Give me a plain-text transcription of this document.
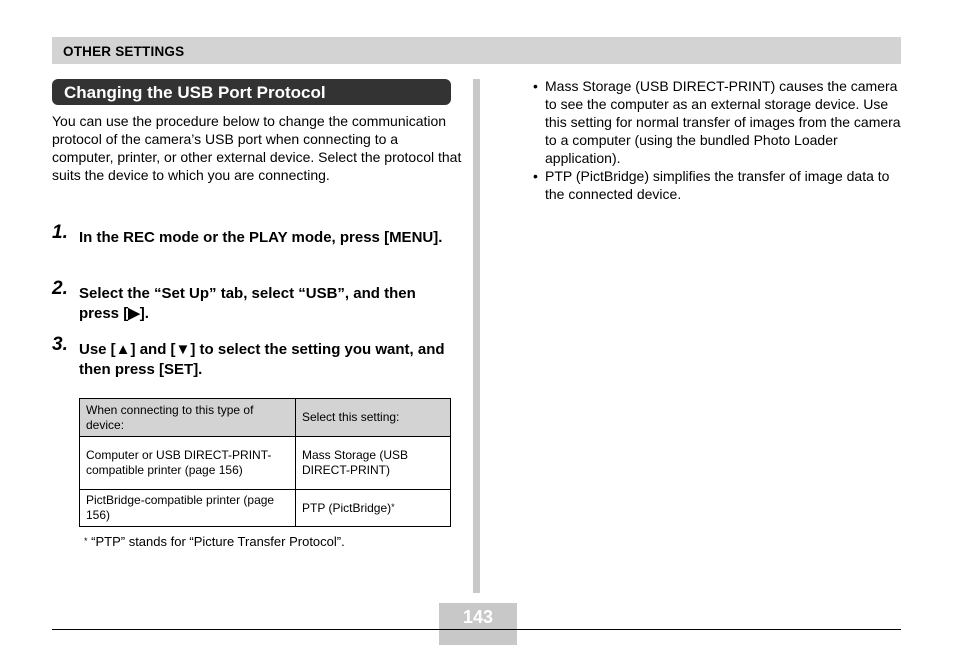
OTHER SETTINGS
Changing the USB Port Protocol
You can use the procedure below to change the communication protocol of the camera’s USB port when connecting to a computer, printer, or other external device. Select the protocol that suits the device to which you are connecting.
1. In the REC mode or the PLAY mode, press [MENU].
2. Select the “Set Up” tab, select “USB”, and then press [▶].
3. Use [▲] and [▼] to select the setting you want, and then press [SET].
When connecting to this type of device:	Select this setting:
Computer or USB DIRECT-PRINT-compatible printer (page 156)	Mass Storage (USB DIRECT-PRINT)
PictBridge-compatible printer (page 156)	PTP (PictBridge)*
* “PTP” stands for “Picture Transfer Protocol”.
• Mass Storage (USB DIRECT-PRINT) causes the camera to see the computer as an external storage device. Use this setting for normal transfer of images from the camera to a computer (using the bundled Photo Loader application).
• PTP (PictBridge) simplifies the transfer of image data to the connected device.
143
